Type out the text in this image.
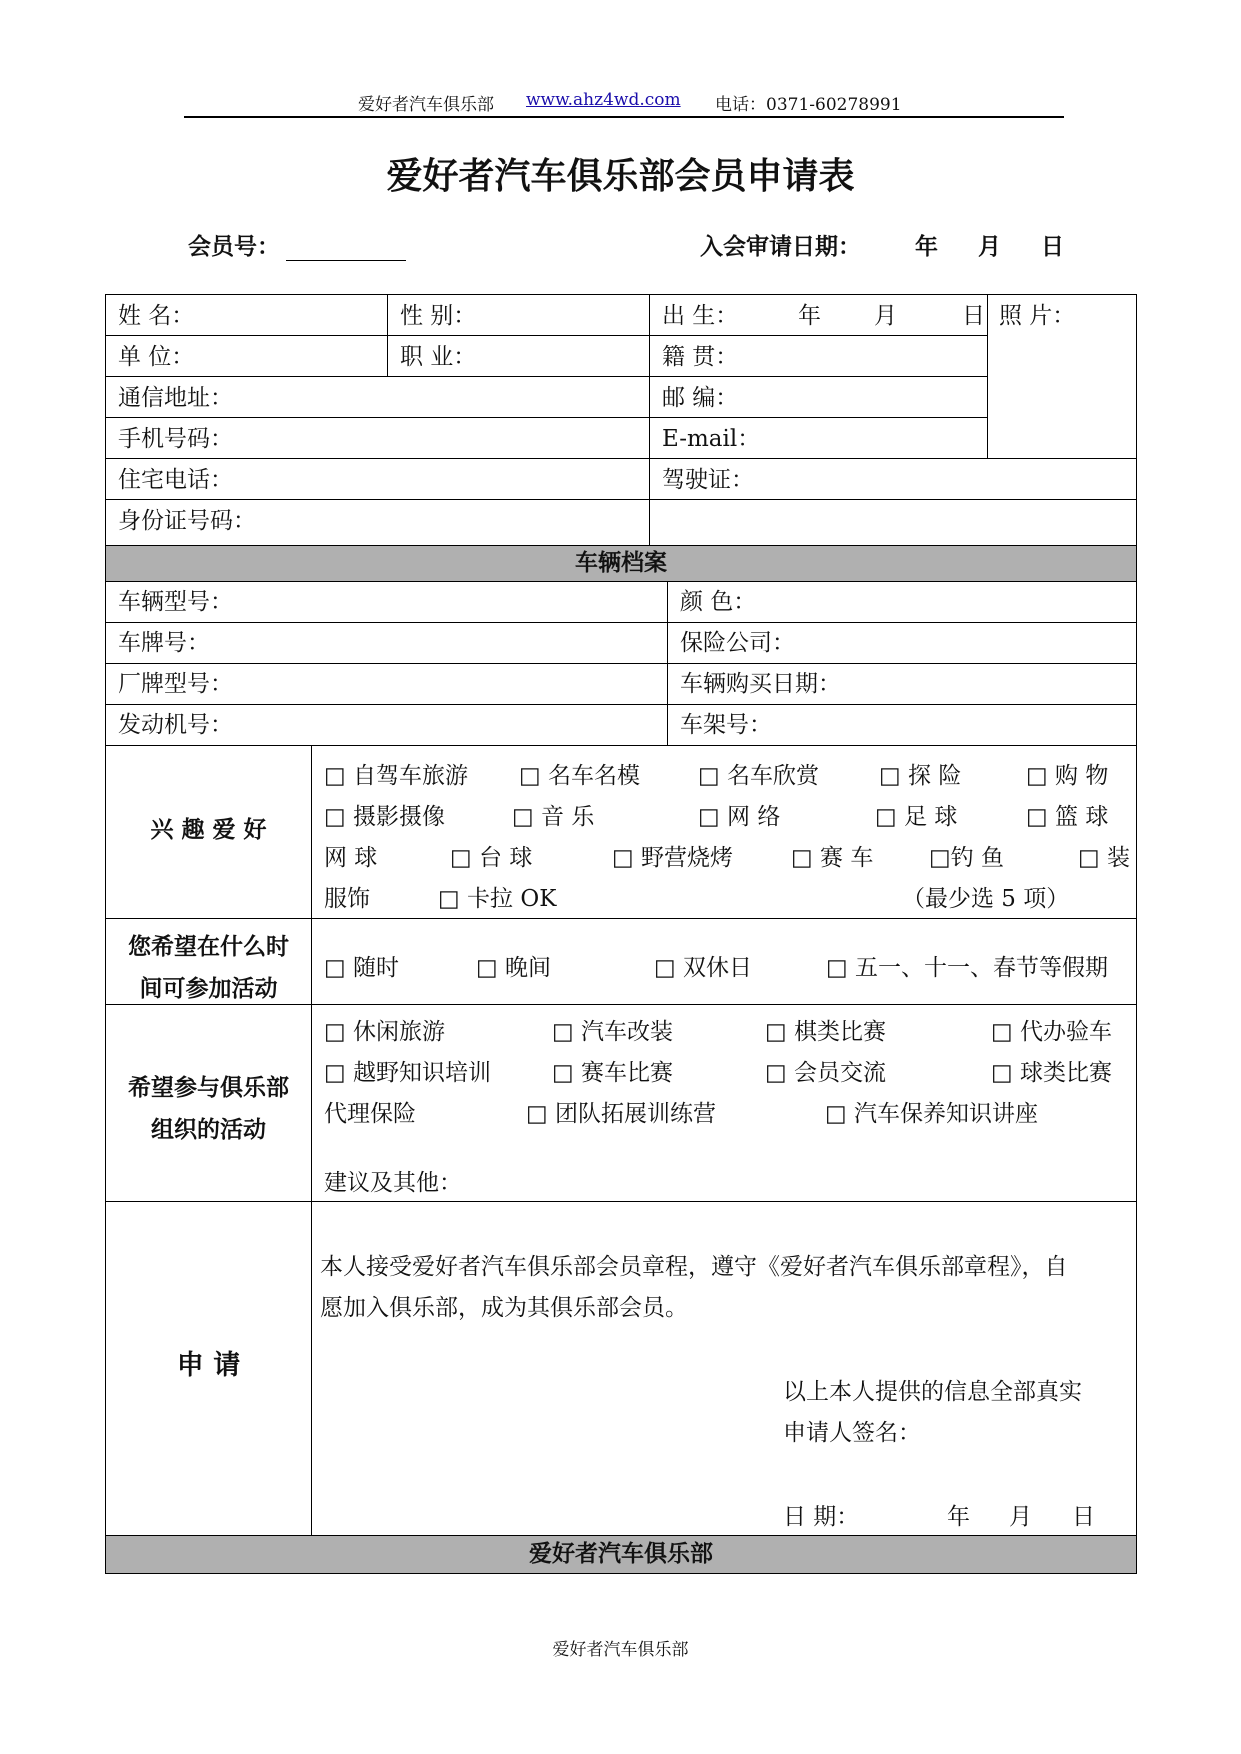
爱好者汽车俱乐部 www.ahz4wd.com 电话：0371-60278991
爱好者汽车俱乐部会员申请表
会员号：	入会审请日期： 年 月 日
姓 名：	性 别：	出 生：	年 月	日 照 片：
单 位：	职 业：	籍 贯：
通信地址：	邮 编：
手机号码：	E-mail：
住宅电话：	驾驶证：
身份证号码：
车辆档案
车辆型号：	颜 色：
车牌号：	保险公司：
厂牌型号：	车辆购买日期：
发动机号：	车架号：
兴 趣 爱 好
□ 自驾车旅游 □ 名车名模	□ 名车欣赏	□ 探 险	□ 购 物
□ 摄影摄像	□ 音 乐	□ 网 络	□ 足 球	□ 篮 球
网 球	□ 台 球	□ 野营烧烤	□ 赛 车 □钓 鱼	□ 装
服饰	□ 卡拉 OK	（最少选 5 项）
您希望在什么时
间可参加活动
□ 随时	□ 晚间	□ 双休日	□ 五一、十一、春节等假期
希望参与俱乐部
组织的活动
□ 休闲旅游	□ 汽车改装	□ 棋类比赛	□ 代办验车
□ 越野知识培训	□ 赛车比赛	□ 会员交流	□ 球类比赛
代理保险	□ 团队拓展训练营	□ 汽车保养知识讲座
建议及其他：
申 请
本人接受爱好者汽车俱乐部会员章程，遵守《爱好者汽车俱乐部章程》，自
愿加入俱乐部，成为其俱乐部会员。
以上本人提供的信息全部真实
申请人签名：
日 期：	年 月 日
爱好者汽车俱乐部
爱好者汽车俱乐部
